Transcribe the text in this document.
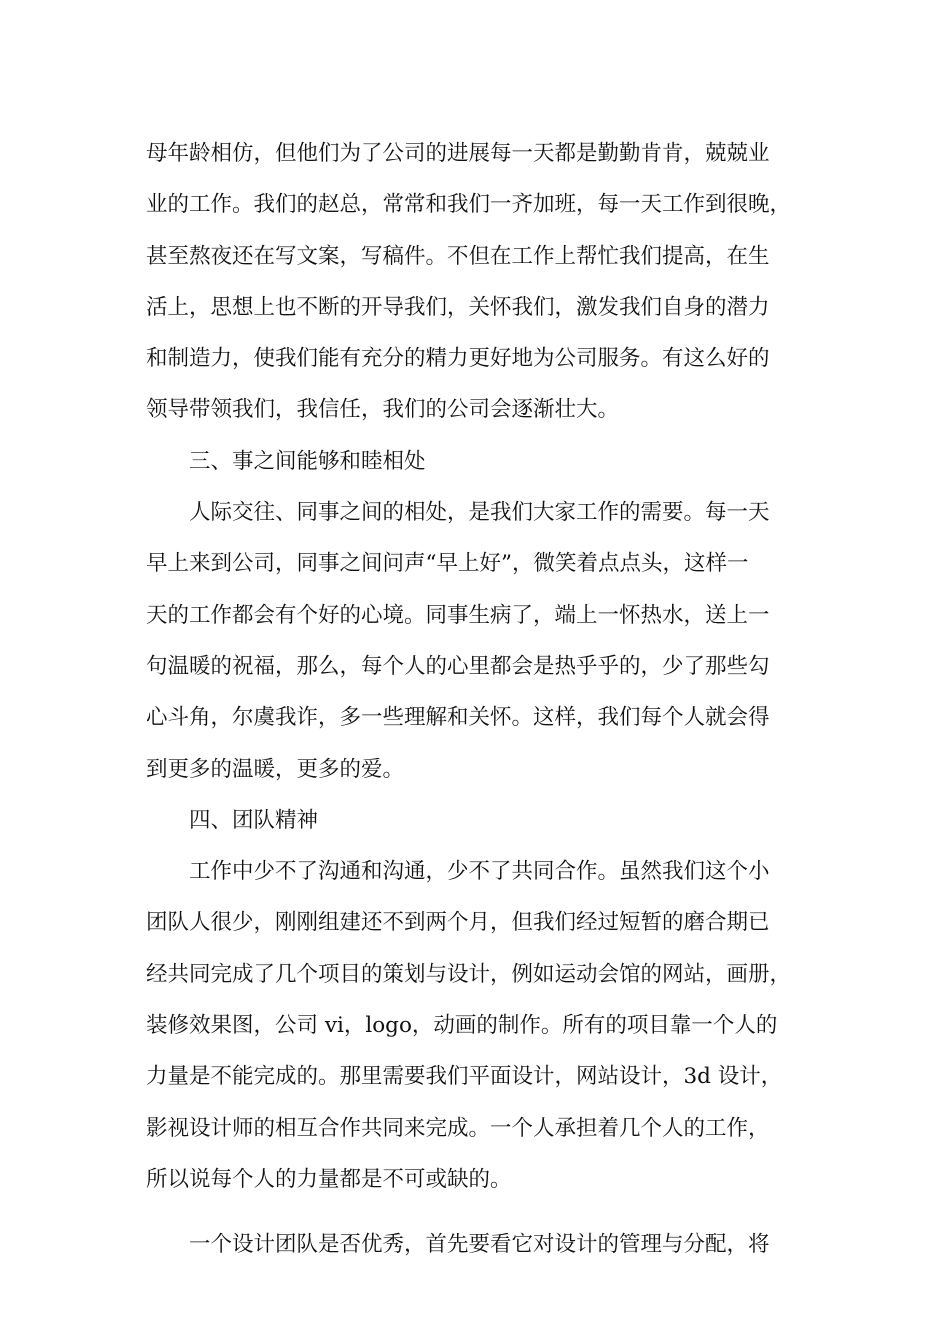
母年龄相仿，但他们为了公司的进展每一天都是勤勤肯肯，兢兢业
业的工作。我们的赵总，常常和我们一齐加班，每一天工作到很晚，
甚至熬夜还在写文案，写稿件。不但在工作上帮忙我们提高，在生
活上，思想上也不断的开导我们，关怀我们，激发我们自身的潜力
和制造力，使我们能有充分的精力更好地为公司服务。有这么好的
领导带领我们，我信任，我们的公司会逐渐壮大。
三、事之间能够和睦相处
人际交往、同事之间的相处，是我们大家工作的需要。每一天
早上来到公司，同事之间问声“早上好”，微笑着点点头，这样一
天的工作都会有个好的心境。同事生病了，端上一怀热水，送上一
句温暖的祝福，那么，每个人的心里都会是热乎乎的，少了那些勾
心斗角，尔虞我诈，多一些理解和关怀。这样，我们每个人就会得
到更多的温暖，更多的爱。
四、团队精神
工作中少不了沟通和沟通，少不了共同合作。虽然我们这个小
团队人很少，刚刚组建还不到两个月，但我们经过短暂的磨合期已
经共同完成了几个项目的策划与设计，例如运动会馆的网站，画册，
装修效果图，公司 vi，logo，动画的制作。所有的项目靠一个人的
力量是不能完成的。那里需要我们平面设计，网站设计，3d 设计，
影视设计师的相互合作共同来完成。一个人承担着几个人的工作，
所以说每个人的力量都是不可或缺的。
一个设计团队是否优秀，首先要看它对设计的管理与分配，将
